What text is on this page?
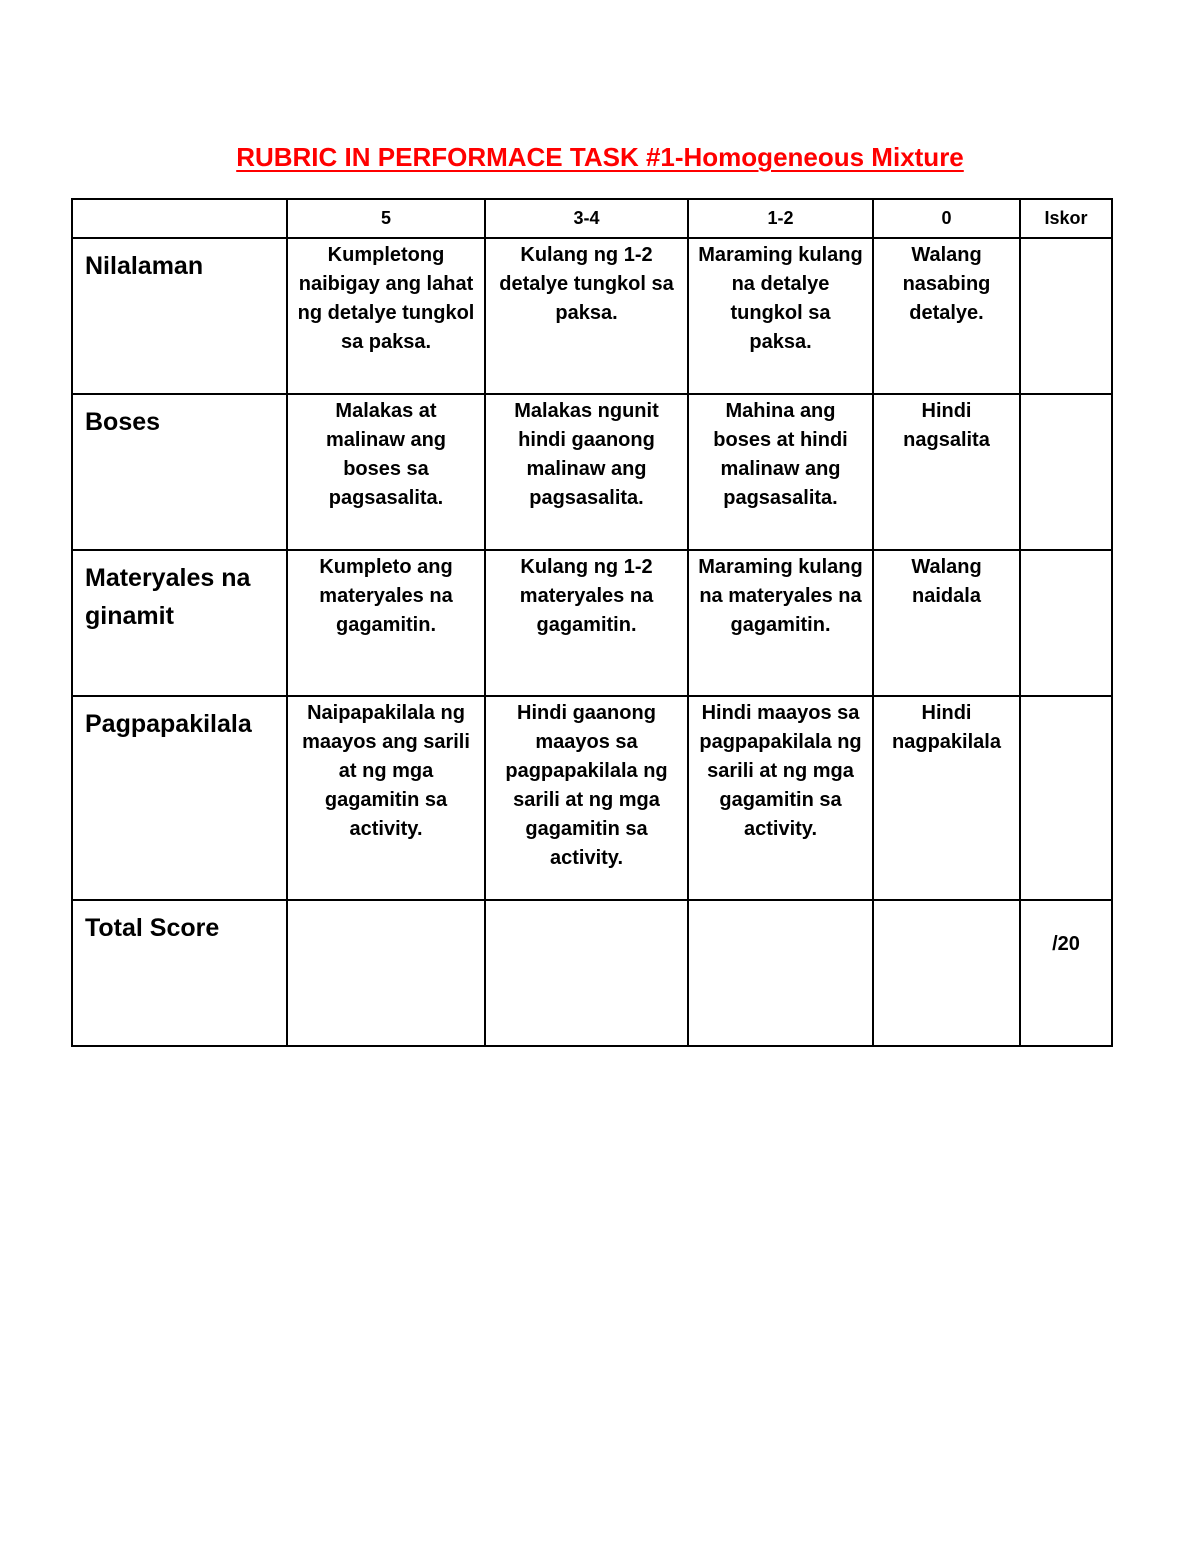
RUBRIC IN PERFORMACE TASK #1-Homogeneous Mixture
	5	3-4	1-2	0	Iskor
Nilalaman	Kumpletong naibigay ang lahat ng detalye tungkol sa paksa.	Kulang ng 1-2 detalye tungkol sa paksa.	Maraming kulang na detalye tungkol sa paksa.	Walang nasabing detalye.	
Boses	Malakas at malinaw ang boses sa pagsasalita.	Malakas ngunit hindi gaanong malinaw ang pagsasalita.	Mahina ang boses at hindi malinaw ang pagsasalita.	Hindi nagsalita	
Materyales na ginamit	Kumpleto ang materyales na gagamitin.	Kulang ng 1-2 materyales na gagamitin.	Maraming kulang na materyales na gagamitin.	Walang naidala	
Pagpapakilala	Naipapakilala ng maayos ang sarili at ng mga gagamitin sa activity.	Hindi gaanong maayos sa pagpapakilala ng sarili at ng mga gagamitin sa activity.	Hindi maayos sa pagpapakilala ng sarili at ng mga gagamitin sa activity.	Hindi nagpakilala	
Total Score					/20
